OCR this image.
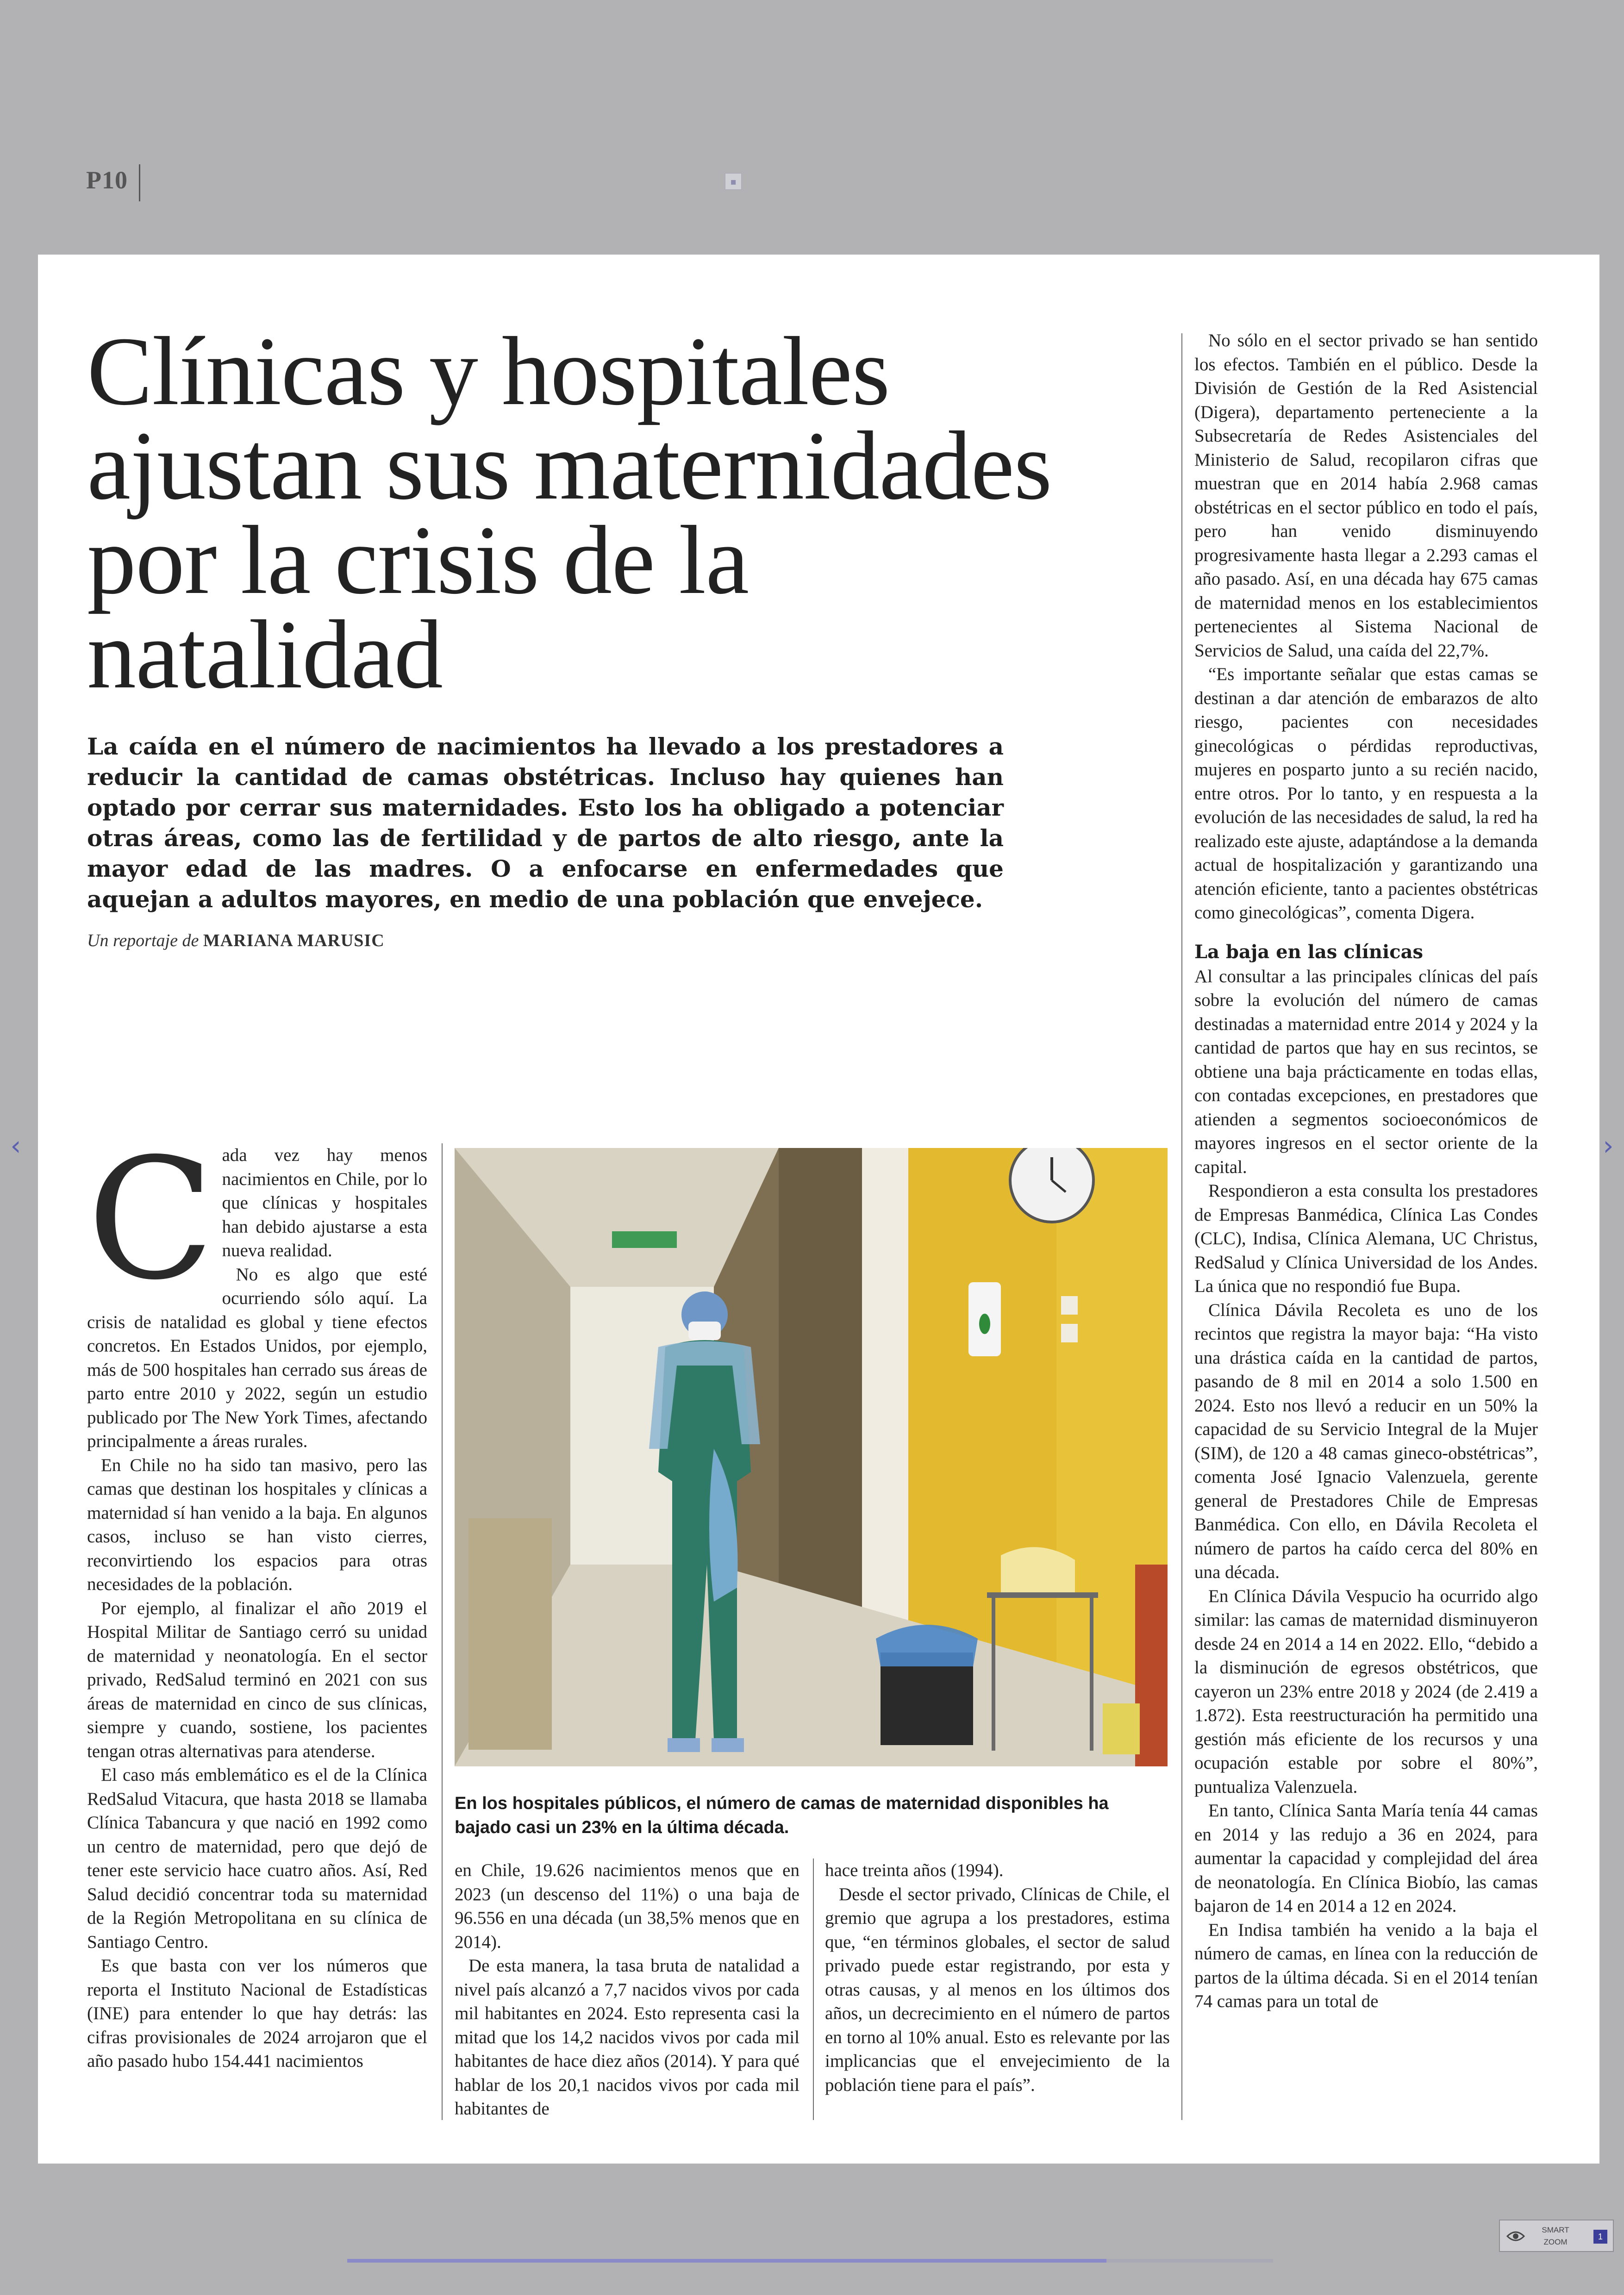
P10	▪
Clínicas y hospitales ajustan sus maternidades por la crisis de la natalidad

La caída en el número de nacimientos ha llevado a los prestadores a reducir la cantidad de camas obstétricas. Incluso hay quienes han optado por cerrar sus maternidades. Esto los ha obligado a potenciar otras áreas, como las de fertilidad y de partos de alto riesgo, ante la mayor edad de las madres. O a enfocarse en enfermedades que aquejan a adultos mayores, en medio de una población que envejece.

Un reportaje de MARIANA MARUSIC
C ada vez hay menos nacimientos en Chile, por lo que clínicas y hospitales han debido ajustarse a esta nueva realidad.

No es algo que esté ocurriendo sólo aquí. La crisis de natalidad es global y tiene efectos concretos. En Estados Unidos, por ejemplo, más de 500 hospitales han cerrado sus áreas de parto entre 2010 y 2022, según un estudio publicado por The New York Times, afectando principalmente a áreas rurales.

En Chile no ha sido tan masivo, pero las camas que destinan los hospitales y clínicas a maternidad sí han venido a la baja. En algunos casos, incluso se han visto cierres, reconvirtiendo los espacios para otras necesidades de la población.

Por ejemplo, al finalizar el año 2019 el Hospital Militar de Santiago cerró su unidad de maternidad y neonatología. En el sector privado, RedSalud terminó en 2021 con sus áreas de maternidad en cinco de sus clínicas, siempre y cuando, sostiene, los pacientes tengan otras alternativas para atenderse.

El caso más emblemático es el de la Clínica RedSalud Vitacura, que hasta 2018 se llamaba Clínica Tabancura y que nació en 1992 como un centro de maternidad, pero que dejó de tener este servicio hace cuatro años. Así, Red Salud decidió concentrar toda su maternidad de la Región Metropolitana en su clínica de Santiago Centro.

Es que basta con ver los números que reporta el Instituto Nacional de Estadísticas (INE) para entender lo que hay detrás: las cifras provisionales de 2024 arrojaron que el año pasado hubo 154.441 nacimientos

En los hospitales públicos, el número de camas de maternidad disponibles ha bajado casi un 23% en la última década.

en Chile, 19.626 nacimientos menos que en 2023 (un descenso del 11%) o una baja de 96.556 en una década (un 38,5% menos que en 2014).

De esta manera, la tasa bruta de natalidad a nivel país alcanzó a 7,7 nacidos vivos por cada mil habitantes en 2024. Esto representa casi la mitad que los 14,2 nacidos vivos por cada mil habitantes de hace diez años (2014). Y para qué hablar de los 20,1 nacidos vivos por cada mil habitantes de

hace treinta años (1994).

Desde el sector privado, Clínicas de Chile, el gremio que agrupa a los prestadores, estima que, “en términos globales, el sector de salud privado puede estar registrando, por esta y otras causas, y al menos en los últimos dos años, un decrecimiento en el número de partos en torno al 10% anual. Esto es relevante por las implicancias que el envejecimiento de la población tiene para el país”.

No sólo en el sector privado se han sentido los efectos. También en el público. Desde la División de Gestión de la Red Asistencial (Digera), departamento perteneciente a la Subsecretaría de Redes Asistenciales del Ministerio de Salud, recopilaron cifras que muestran que en 2014 había 2.968 camas obstétricas en el sector público en todo el país, pero han venido disminuyendo progresivamente hasta llegar a 2.293 camas el año pasado. Así, en una década hay 675 camas de maternidad menos en los establecimientos pertenecientes al Sistema Nacional de Servicios de Salud, una caída del 22,7%.

“Es importante señalar que estas camas se destinan a dar atención de embarazos de alto riesgo, pacientes con necesidades ginecológicas o pérdidas reproductivas, mujeres en posparto junto a su recién nacido, entre otros. Por lo tanto, y en respuesta a la evolución de las necesidades de salud, la red ha realizado este ajuste, adaptándose a la demanda actual de hospitalización y garantizando una atención eficiente, tanto a pacientes obstétricas como ginecológicas”, comenta Digera.

La baja en las clínicas

Al consultar a las principales clínicas del país sobre la evolución del número de camas destinadas a maternidad entre 2014 y 2024 y la cantidad de partos que hay en sus recintos, se obtiene una baja prácticamente en todas ellas, con contadas excepciones, en prestadores que atienden a segmentos socioeconómicos de mayores ingresos en el sector oriente de la capital.

Respondieron a esta consulta los prestadores de Empresas Banmédica, Clínica Las Condes (CLC), Indisa, Clínica Alemana, UC Christus, RedSalud y Clínica Universidad de los Andes. La única que no respondió fue Bupa.

Clínica Dávila Recoleta es uno de los recintos que registra la mayor baja: “Ha visto una drástica caída en la cantidad de partos, pasando de 8 mil en 2014 a solo 1.500 en 2024. Esto nos llevó a reducir en un 50% la capacidad de su Servicio Integral de la Mujer (SIM), de 120 a 48 camas gineco-obstétricas”, comenta José Ignacio Valenzuela, gerente general de Prestadores Chile de Empresas Banmédica. Con ello, en Dávila Recoleta el número de partos ha caído cerca del 80% en una década.

En Clínica Dávila Vespucio ha ocurrido algo similar: las camas de maternidad disminuyeron desde 24 en 2014 a 14 en 2022. Ello, “debido a la disminución de egresos obstétricos, que cayeron un 23% entre 2018 y 2024 (de 2.419 a 1.872). Esta reestructuración ha permitido una gestión más eficiente de los recursos y una ocupación estable por sobre el 80%”, puntualiza Valenzuela.

En tanto, Clínica Santa María tenía 44 camas en 2014 y las redujo a 36 en 2024, para aumentar la capacidad y complejidad del área de neonatología. En Clínica Biobío, las camas bajaron de 14 en 2014 a 12 en 2024.

En Indisa también ha venido a la baja el número de camas, en línea con la reducción de partos de la última década. Si en el 2014 tenían 74 camas para un total de

‹	›
SMART ZOOM
1
